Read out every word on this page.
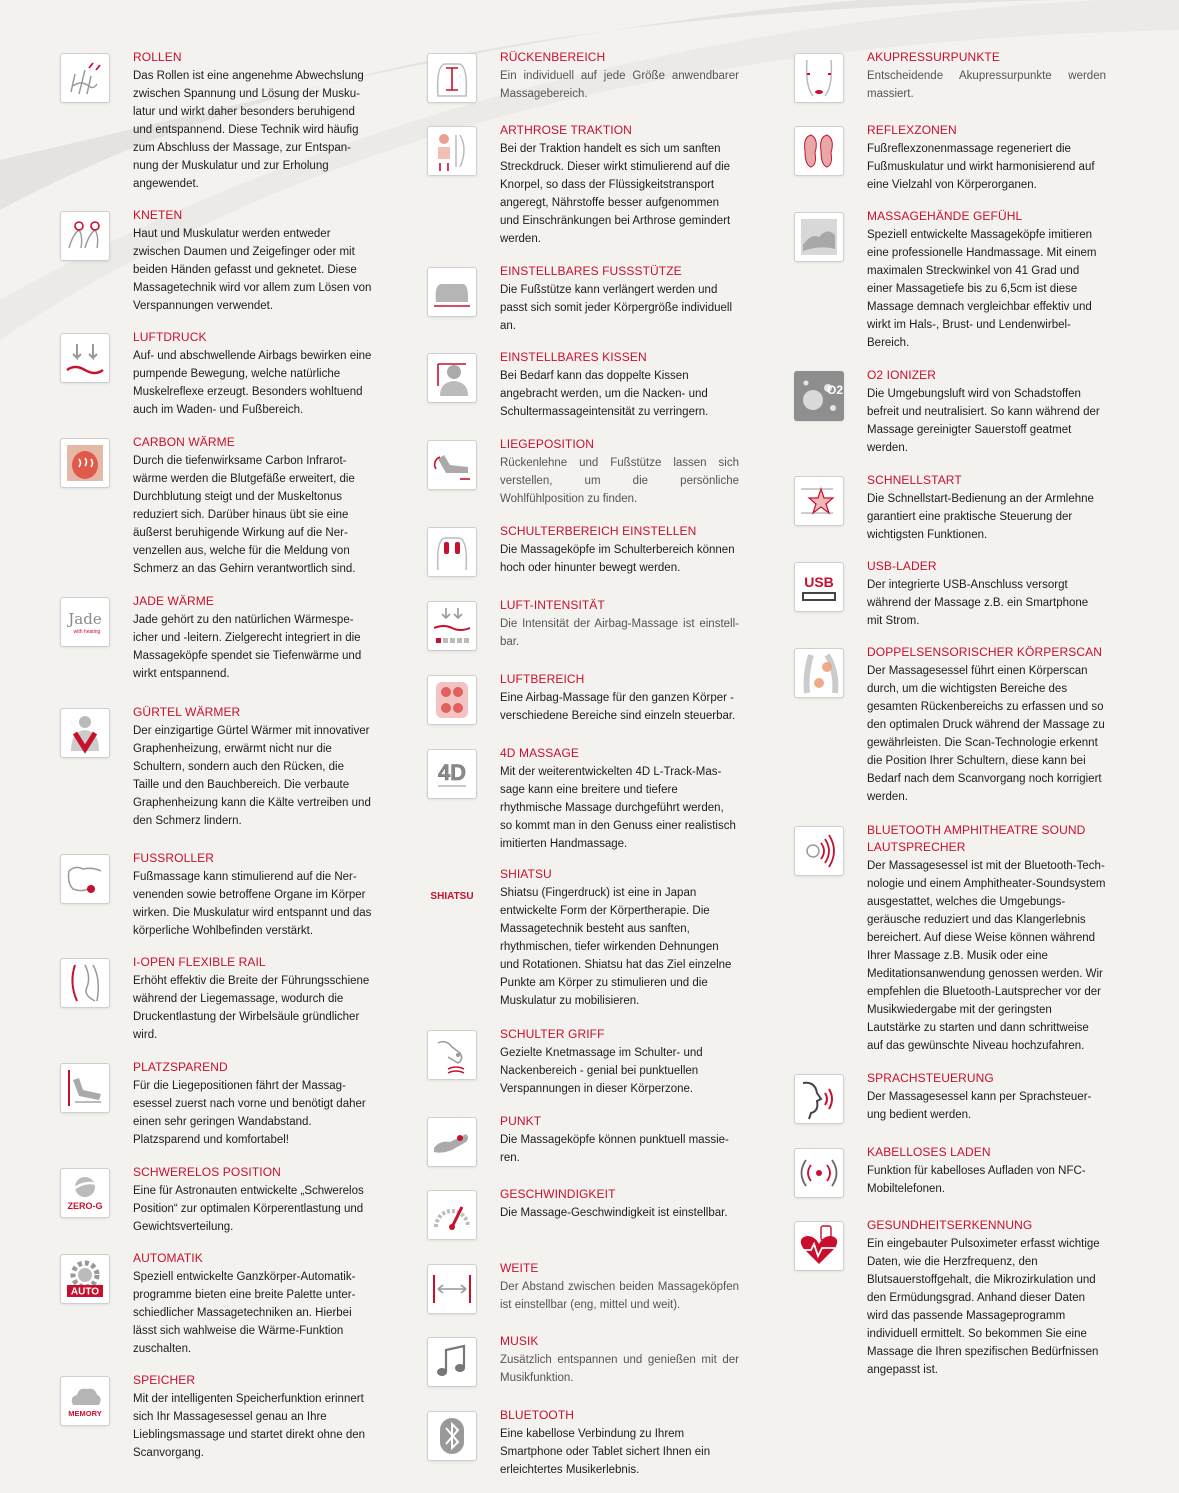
ROLLEN

Das Rollen ist eine angenehme Abwechslung zwischen Spannung und Lösung der Muskulatur und wirkt daher besonders beruhigend und entspannend. Diese Technik wird häufig zum Abschluss der Massage, zur Entspannung der Muskulatur und zur Erholung angewendet.

KNETEN

Haut und Muskulatur werden entweder zwischen Daumen und Zeigefinger oder mit beiden Händen gefasst und geknetet. Diese Massagetechnik wird vor allem zum Lösen von Verspannungen verwendet.

LUFTDRUCK

Auf- und abschwellende Airbags bewirken eine pumpende Bewegung, welche natürliche Muskelreflexe erzeugt. Besonders wohltuend auch im Waden- und Fußbereich.

CARBON WÄRME

Durch die tiefenwirksame Carbon Infrarotwärme werden die Blutgefäße erweitert, die Durchblutung steigt und der Muskeltonus reduziert sich. Darüber hinaus übt sie eine äußerst beruhigende Wirkung auf die Nervenzellen aus, welche für die Meldung von Schmerz an das Gehirn verantwortlich sind.

Jade
with heating

JADE WÄRME

Jade gehört zu den natürlichen Wärmespeicher und -leitern. Zielgerecht integriert in die Massageköpfe spendet sie Tiefenwärme und wirkt entspannend.

GÜRTEL WÄRMER

Der einzigartige Gürtel Wärmer mit innovativer Graphenheizung, erwärmt nicht nur die Schultern, sondern auch den Rücken, die Taille und den Bauchbereich. Die verbaute Graphenheizung kann die Kälte vertreiben und den Schmerz lindern.

FUSSROLLER

Fußmassage kann stimulierend auf die Nervenenden sowie betroffene Organe im Körper wirken. Die Muskulatur wird entspannt und das körperliche Wohlbefinden verstärkt.

I-OPEN FLEXIBLE RAIL

Erhöht effektiv die Breite der Führungsschiene während der Liegemassage, wodurch die Druckentlastung der Wirbelsäule gründlicher wird.

PLATZSPAREND

Für die Liegepositionen fährt der Massagesessel zuerst nach vorne und benötigt daher einen sehr geringen Wandabstand. Platzsparend und komfortabel!

ZERO-G

SCHWERELOS POSITION

Eine für Astronauten entwickelte „Schwerelos Position“ zur optimalen Körperentlastung und Gewichtsverteilung.

AUTO

AUTOMATIK

Speziell entwickelte Ganzkörper-Automatikprogramme bieten eine breite Palette unterschiedlicher Massagetechniken an. Hierbei lässt sich wahlweise die Wärme-Funktion zuschalten.

MEMORY

SPEICHER

Mit der intelligenten Speicherfunktion erinnert sich Ihr Massagesessel genau an Ihre Lieblingsmassage und startet direkt ohne den Scanvorgang.

RÜCKENBEREICH

Ein individuell auf jede Größe anwendbarer Massagebereich.

ARTHROSE TRAKTION

Bei der Traktion handelt es sich um sanften Streckdruck. Dieser wirkt stimulierend auf die Knorpel, so dass der Flüssigkeitstransport angeregt, Nährstoffe besser aufgenommen und Einschränkungen bei Arthrose gemindert werden.

EINSTELLBARES FUSSSTÜTZE

Die Fußstütze kann verlängert werden und passt sich somit jeder Körpergröße individuell an.

EINSTELLBARES KISSEN

Bei Bedarf kann das doppelte Kissen angebracht werden, um die Nacken- und Schultermassageintensität zu verringern.

LIEGEPOSITION

Rückenlehne und Fußstütze lassen sich verstellen, um die persönliche Wohlfühlposition zu finden.

SCHULTERBEREICH EINSTELLEN

Die Massageköpfe im Schulterbereich können hoch oder hinunter bewegt werden.

LUFT-INTENSITÄT

Die Intensität der Airbag-Massage ist einstellbar.

LUFTBEREICH

Eine Airbag-Massage für den ganzen Körper - verschiedene Bereiche sind einzeln steuerbar.

4D

4D MASSAGE

Mit der weiterentwickelten 4D L-Track-Massage kann eine breitere und tiefere rhythmische Massage durchgeführt werden, so kommt man in den Genuss einer realistisch imitierten Handmassage.

SHIATSU

SHIATSU

Shiatsu (Fingerdruck) ist eine in Japan entwickelte Form der Körpertherapie. Die Massagetechnik besteht aus sanften, rhythmischen, tiefer wirkenden Dehnungen und Rotationen. Shiatsu hat das Ziel einzelne Punkte am Körper zu stimulieren und die Muskulatur zu mobilisieren.

SCHULTER GRIFF

Gezielte Knetmassage im Schulter- und Nackenbereich - genial bei punktuellen Verspannungen in dieser Körperzone.

PUNKT

Die Massageköpfe können punktuell massieren.

GESCHWINDIGKEIT

Die Massage-Geschwindigkeit ist einstellbar.

WEITE

Der Abstand zwischen beiden Massageköpfen ist einstellbar (eng, mittel und weit).

MUSIK

Zusätzlich entspannen und genießen mit der Musikfunktion.

BLUETOOTH

Eine kabellose Verbindung zu Ihrem Smartphone oder Tablet sichert Ihnen ein erleichtertes Musikerlebnis.

AKUPRESSURPUNKTE

Entscheidende Akupressurpunkte werden massiert.

REFLEXZONEN

Fußreflexzonenmassage regeneriert die Fußmuskulatur und wirkt harmonisierend auf eine Vielzahl von Körperorganen.

MASSAGEHÄNDE GEFÜHL

Speziell entwickelte Massageköpfe imitieren eine professionelle Handmassage. Mit einem maximalen Streckwinkel von 41 Grad und einer Massagetiefe bis zu 6,5cm ist diese Massage demnach vergleichbar effektiv und wirkt im Hals-, Brust- und Lendenwirbel-Bereich.

O2

O2 IONIZER

Die Umgebungsluft wird von Schadstoffen befreit und neutralisiert. So kann während der Massage gereinigter Sauerstoff geatmet werden.

SCHNELLSTART

Die Schnellstart-Bedienung an der Armlehne garantiert eine praktische Steuerung der wichtigsten Funktionen.

USB

USB-LADER

Der integrierte USB-Anschluss versorgt während der Massage z.B. ein Smartphone mit Strom.

DOPPELSENSORISCHER KÖRPERSCAN

Der Massagesessel führt einen Körperscan durch, um die wichtigsten Bereiche des gesamten Rückenbereichs zu erfassen und so den optimalen Druck während der Massage zu gewährleisten. Die Scan-Technologie erkennt die Position Ihrer Schultern, diese kann bei Bedarf nach dem Scanvorgang noch korrigiert werden.

BLUETOOTH AMPHITHEATRE SOUND LAUTSPRECHER

Der Massagesessel ist mit der Bluetooth-Technologie und einem Amphitheater-Soundsystem ausgestattet, welches die Umgebungsgeräusche reduziert und das Klangerlebnis bereichert. Auf diese Weise können während Ihrer Massage z.B. Musik oder eine Meditationsanwendung genossen werden. Wir empfehlen die Bluetooth-Lautsprecher vor der Musikwiedergabe mit der geringsten Lautstärke zu starten und dann schrittweise auf das gewünschte Niveau hochzufahren.

SPRACHSTEUERUNG

Der Massagesessel kann per Sprachsteuerung bedient werden.

KABELLOSES LADEN

Funktion für kabelloses Aufladen von NFC-Mobiltelefonen.

GESUNDHEITSERKENNUNG

Ein eingebauter Pulsoximeter erfasst wichtige Daten, wie die Herzfrequenz, den Blutsauerstoffgehalt, die Mikrozirkulation und den Ermüdungsgrad. Anhand dieser Daten wird das passende Massageprogramm individuell ermittelt. So bekommen Sie eine Massage die Ihren spezifischen Bedürfnissen angepasst ist.
